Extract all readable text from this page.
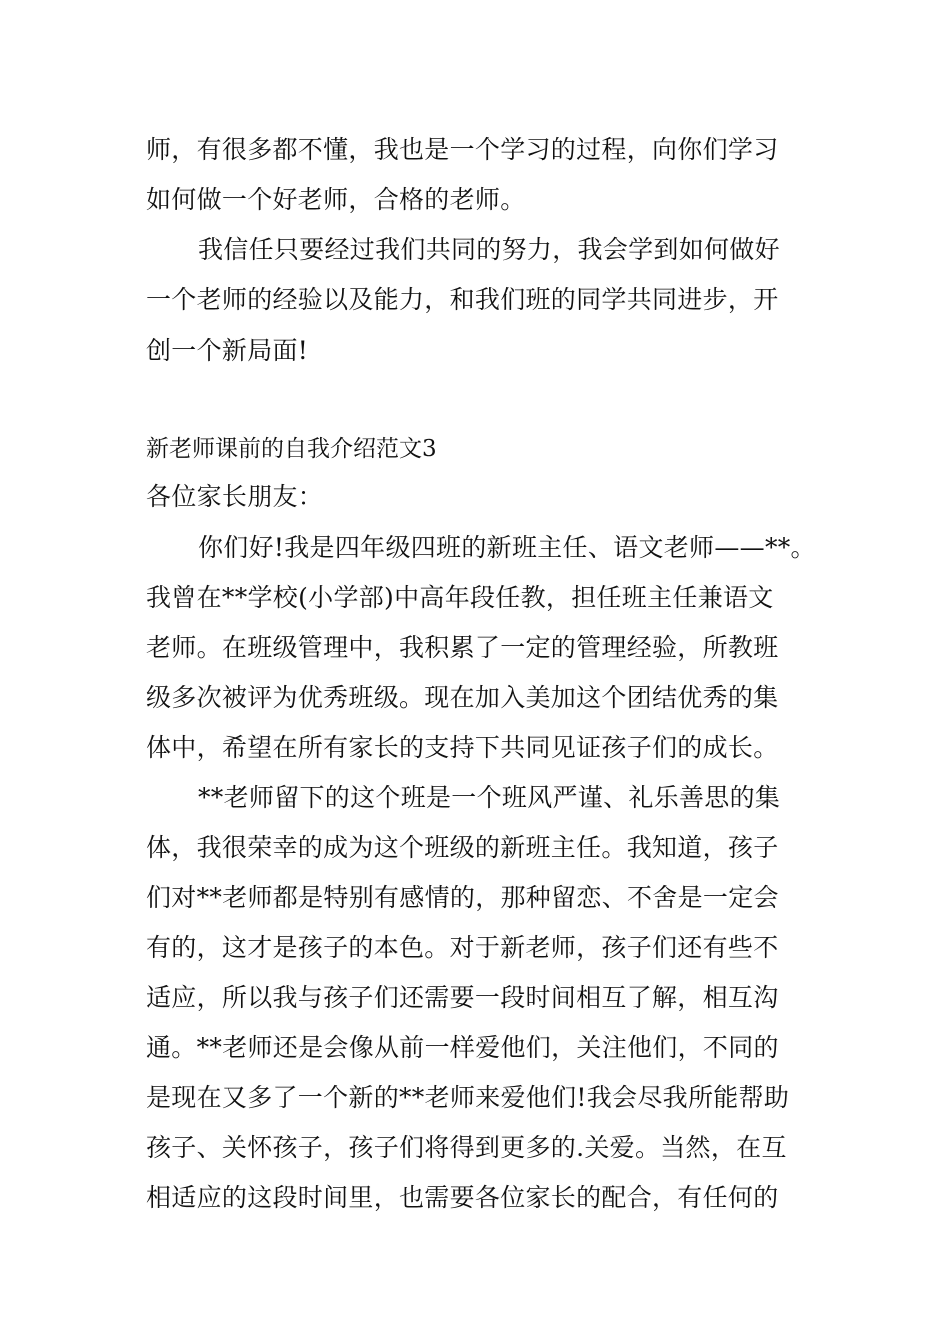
师，有很多都不懂，我也是一个学习的过程，向你们学习
如何做一个好老师，合格的老师。
我信任只要经过我们共同的努力，我会学到如何做好
一个老师的经验以及能力，和我们班的同学共同进步，开
创一个新局面!
新老师课前的自我介绍范文3
各位家长朋友：
你们好!我是四年级四班的新班主任、语文老师——**。
我曾在**学校(小学部)中高年段任教，担任班主任兼语文
老师。在班级管理中，我积累了一定的管理经验，所教班
级多次被评为优秀班级。现在加入美加这个团结优秀的集
体中，希望在所有家长的支持下共同见证孩子们的成长。
**老师留下的这个班是一个班风严谨、礼乐善思的集
体，我很荣幸的成为这个班级的新班主任。我知道，孩子
们对**老师都是特别有感情的，那种留恋、不舍是一定会
有的，这才是孩子的本色。对于新老师，孩子们还有些不
适应，所以我与孩子们还需要一段时间相互了解，相互沟
通。**老师还是会像从前一样爱他们，关注他们，不同的
是现在又多了一个新的**老师来爱他们!我会尽我所能帮助
孩子、关怀孩子，孩子们将得到更多的.关爱。当然，在互
相适应的这段时间里，也需要各位家长的配合，有任何的
